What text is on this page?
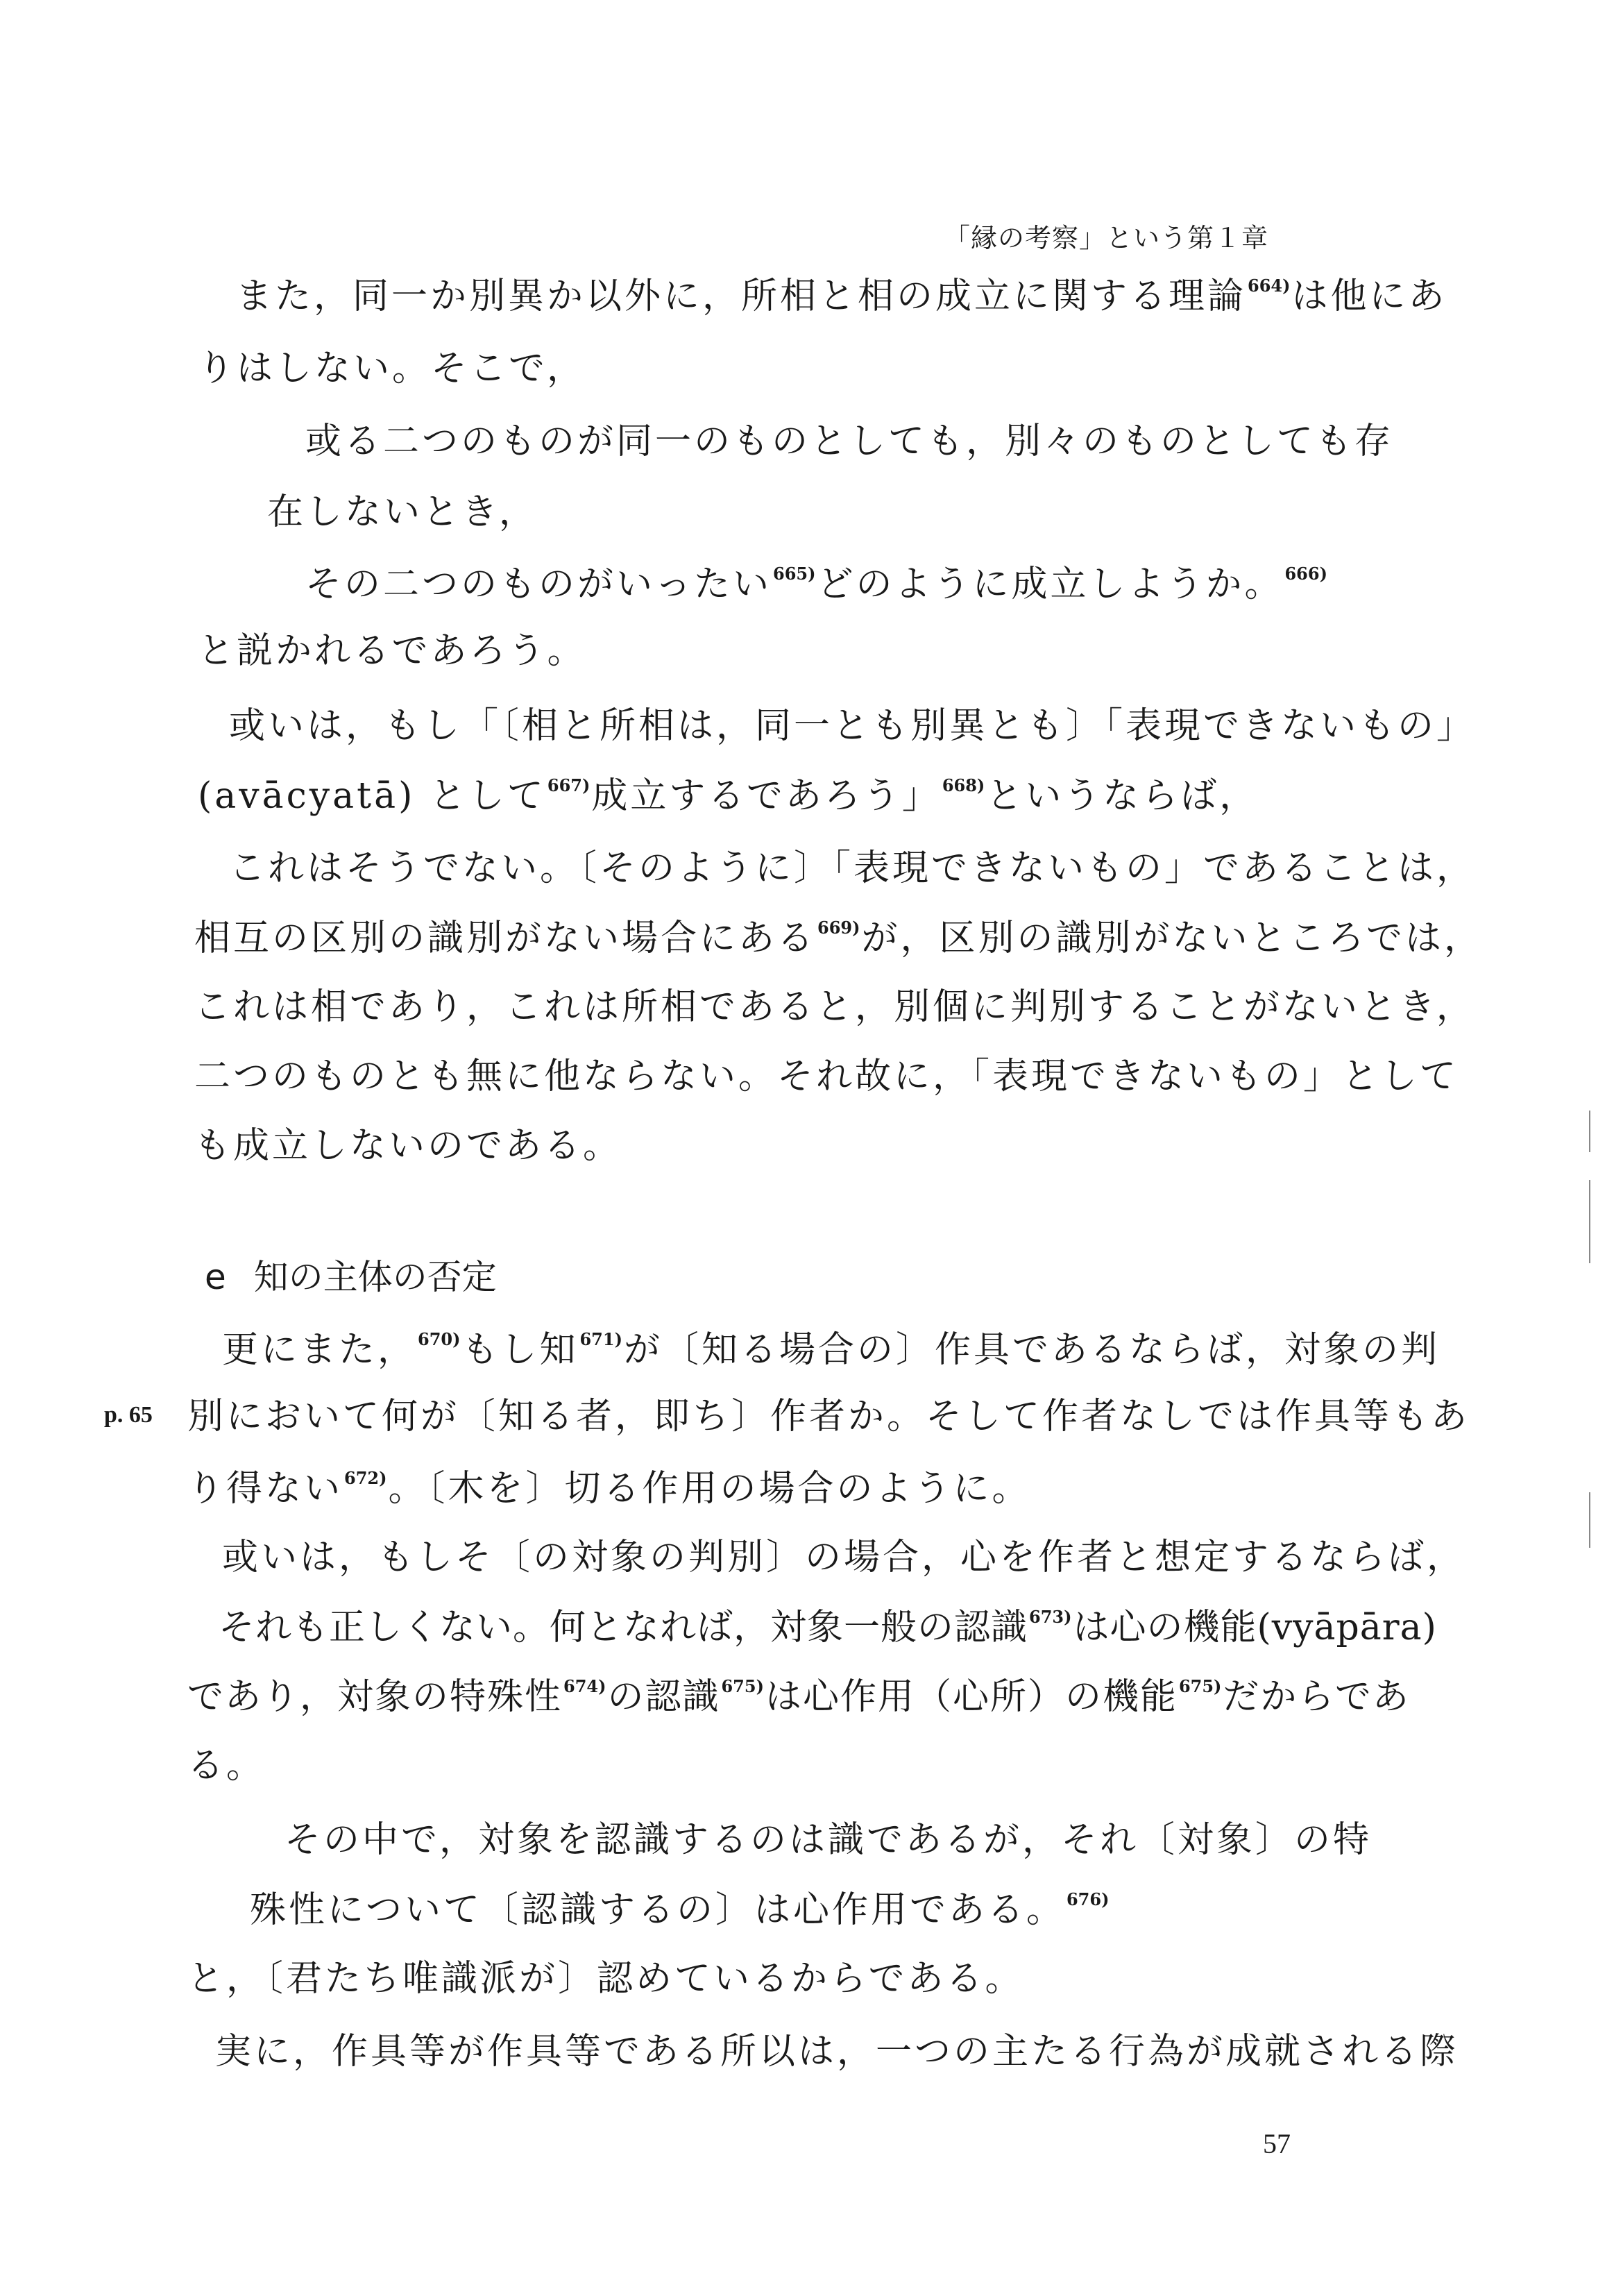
「縁の考察」という第１章
また，同一か別異か以外に，所相と相の成立に関する理論$^{664)}$は他にあ
りはしない。そこで，
或る二つのものが同一のものとしても，別々のものとしても存
在しないとき，
その二つのものがいったい$^{665)}$どのように成立しようか。$^{666)}$
と説かれるであろう。
或いは，もし「〔相と所相は，同一とも別異とも〕「表現できないもの」
(avācyatā) として$^{667)}$成立するであろう」$^{668)}$というならば，
これはそうでない。〔そのように〕「表現できないもの」であることは，
相互の区別の識別がない場合にある$^{669)}$が，区別の識別がないところでは，
これは相であり，これは所相であると，別個に判別することがないとき，
二つのものとも無に他ならない。それ故に，「表現できないもの」として
も成立しないのである。
e 知の主体の否定
更にまた，$^{670)}$もし知$^{671)}$が〔知る場合の〕作具であるならば，対象の判
p. 65 別において何が〔知る者，即ち〕作者か。そして作者なしでは作具等もあ
り得ない$^{672)}$。〔木を〕切る作用の場合のように。
或いは，もしそ〔の対象の判別〕の場合，心を作者と想定するならば，
それも正しくない。何となれば，対象一般の認識$^{673)}$は心の機能(vyāpāra)
であり，対象の特殊性$^{674)}$の認識$^{675)}$は心作用（心所）の機能$^{675)}$だからであ
る。
その中で，対象を認識するのは識であるが，それ〔対象〕の特
殊性について〔認識するの〕は心作用である。$^{676)}$
と，〔君たち唯識派が〕認めているからである。
実に，作具等が作具等である所以は，一つの主たる行為が成就される際
57
